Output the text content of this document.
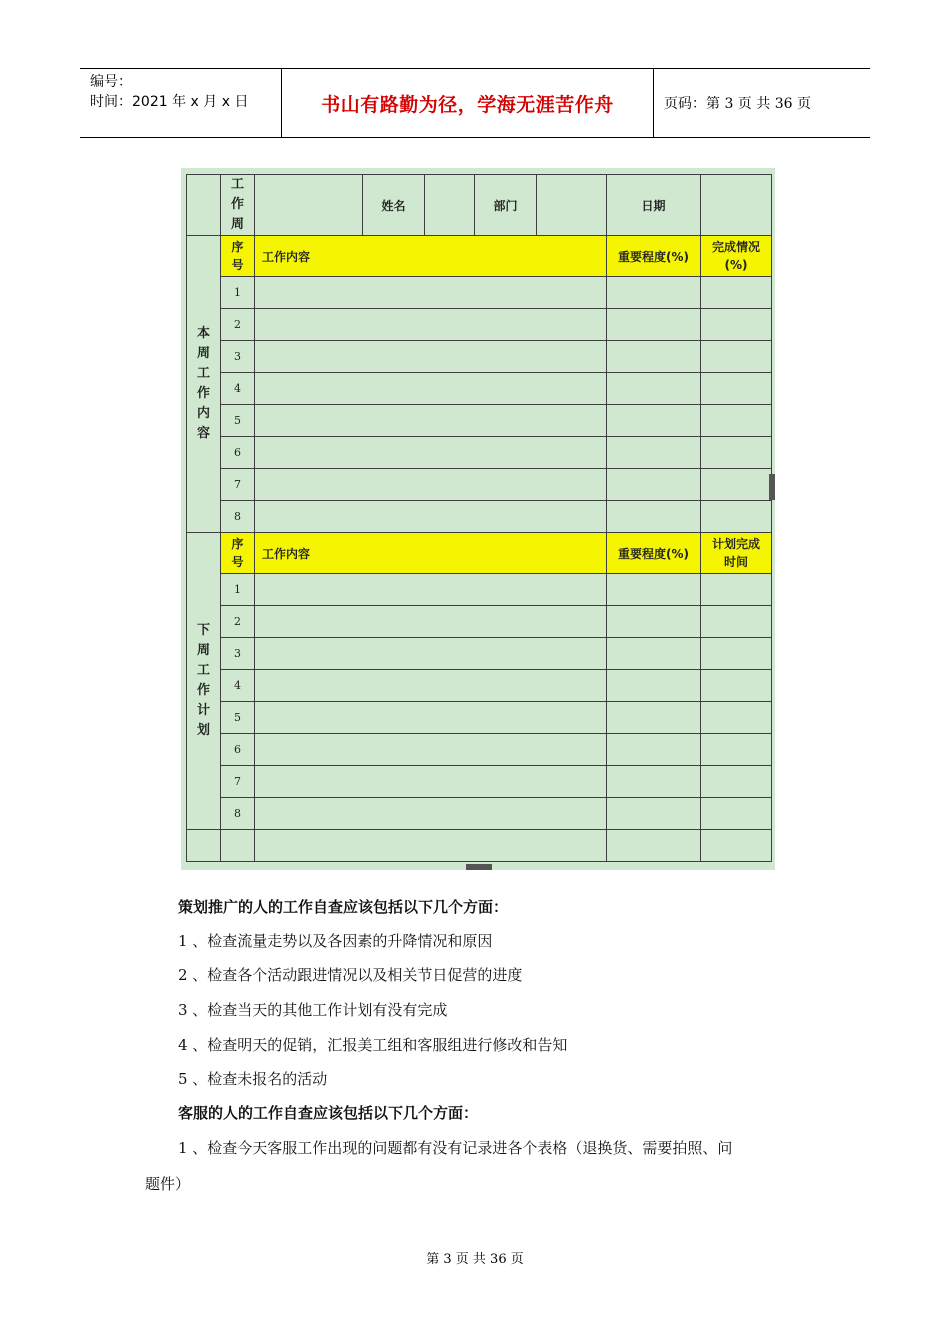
编号：
时间：2021 年 x 月 x 日	书山有路勤为径，学海无涯苦作舟	页码：第 3 页 共 36 页
	工作周		姓名		部门		日期	
本周工作内容	序号	工作内容					重要程度(%)	完成情况(%)
	1							
	2							
	3							
	4							
	5							
	6							
	7							
	8							
下周工作计划	序号	工作内容					重要程度(%)	计划完成时间
	1							
	2							
	3							
	4							
	5							
	6							
	7							
	8							

策划推广的人的工作自查应该包括以下几个方面：
1 、检查流量走势以及各因素的升降情况和原因
2 、检查各个活动跟进情况以及相关节日促营的进度
3 、检查当天的其他工作计划有没有完成
4 、检查明天的促销，汇报美工组和客服组进行修改和告知
5 、检查未报名的活动
客服的人的工作自查应该包括以下几个方面：
1 、检查今天客服工作出现的问题都有没有记录进各个表格（退换货、需要拍照、问
题件）
第 3 页 共 36 页
